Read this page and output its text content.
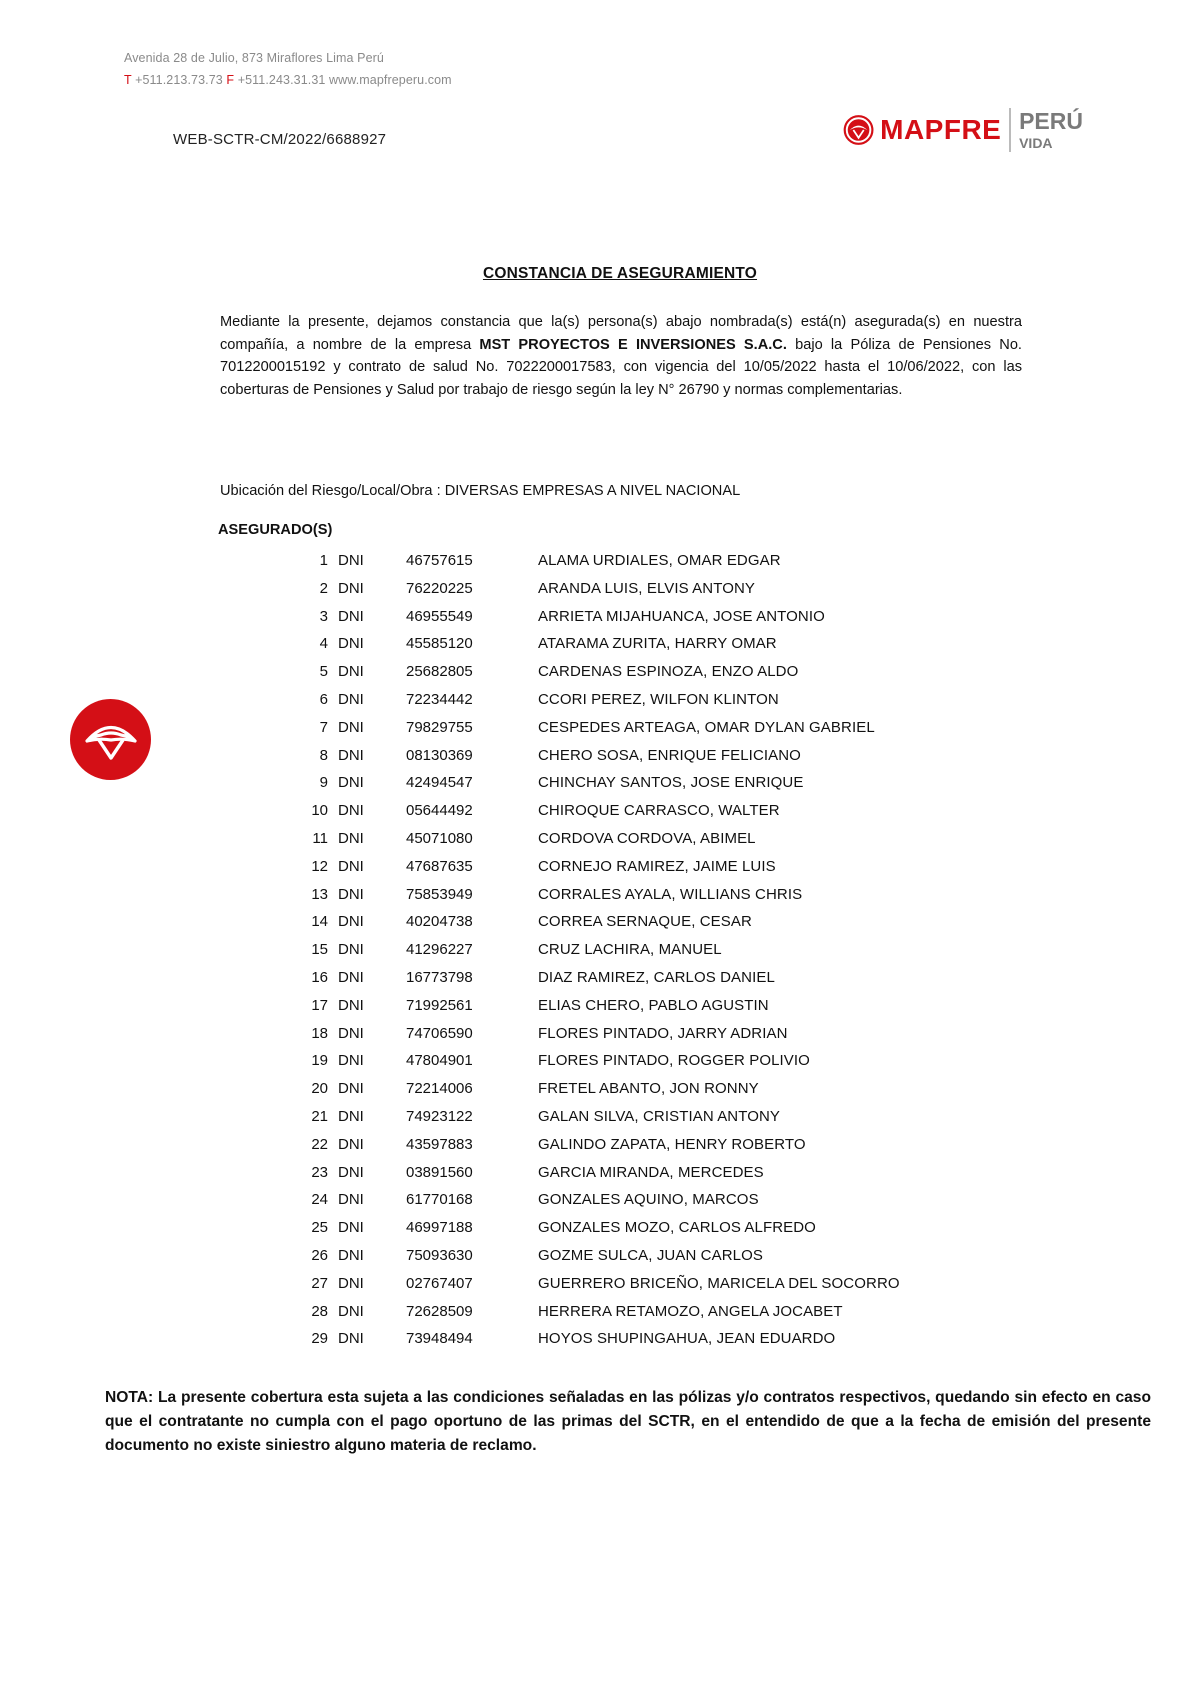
Avenida 28 de Julio, 873 Miraflores Lima Perú
T +511.213.73.73 F +511.243.31.31 www.mapfreperu.com
WEB-SCTR-CM/2022/6688927	MAPFRE PERÚ
VIDA
CONSTANCIA DE ASEGURAMIENTO
Mediante la presente, dejamos constancia que la(s) persona(s) abajo nombrada(s) está(n) asegurada(s) en nuestra compañía, a nombre de la empresa MST PROYECTOS E INVERSIONES S.A.C. bajo la Póliza de Pensiones No. 7012200015192 y contrato de salud No. 7022200017583, con vigencia del 10/05/2022 hasta el 10/06/2022, con las coberturas de Pensiones y Salud por trabajo de riesgo según la ley N° 26790 y normas complementarias.
Ubicación del Riesgo/Local/Obra : DIVERSAS EMPRESAS A NIVEL NACIONAL
ASEGURADO(S)
1 DNI	46757615	ALAMA URDIALES, OMAR EDGAR
2 DNI	76220225	ARANDA LUIS, ELVIS ANTONY
3 DNI	46955549	ARRIETA MIJAHUANCA, JOSE ANTONIO
4 DNI	45585120	ATARAMA ZURITA, HARRY OMAR
5 DNI	25682805	CARDENAS ESPINOZA, ENZO ALDO
6 DNI	72234442	CCORI PEREZ, WILFON KLINTON
7 DNI	79829755	CESPEDES ARTEAGA, OMAR DYLAN GABRIEL
8 DNI	08130369	CHERO SOSA, ENRIQUE FELICIANO
9 DNI	42494547	CHINCHAY SANTOS, JOSE ENRIQUE
10 DNI	05644492	CHIROQUE CARRASCO, WALTER
11 DNI	45071080	CORDOVA CORDOVA, ABIMEL
12 DNI	47687635	CORNEJO RAMIREZ, JAIME LUIS
13 DNI	75853949	CORRALES AYALA, WILLIANS CHRIS
14 DNI	40204738	CORREA SERNAQUE, CESAR
15 DNI	41296227	CRUZ LACHIRA, MANUEL
16 DNI	16773798	DIAZ RAMIREZ, CARLOS DANIEL
17 DNI	71992561	ELIAS CHERO, PABLO AGUSTIN
18 DNI	74706590	FLORES PINTADO, JARRY ADRIAN
19 DNI	47804901	FLORES PINTADO, ROGGER POLIVIO
20 DNI	72214006	FRETEL ABANTO, JON RONNY
21 DNI	74923122	GALAN SILVA, CRISTIAN ANTONY
22 DNI	43597883	GALINDO ZAPATA, HENRY ROBERTO
23 DNI	03891560	GARCIA MIRANDA, MERCEDES
24 DNI	61770168	GONZALES AQUINO, MARCOS
25 DNI	46997188	GONZALES MOZO, CARLOS ALFREDO
26 DNI	75093630	GOZME SULCA, JUAN CARLOS
27 DNI	02767407	GUERRERO BRICEÑO, MARICELA DEL SOCORRO
28 DNI	72628509	HERRERA RETAMOZO, ANGELA JOCABET
29 DNI	73948494	HOYOS SHUPINGAHUA, JEAN EDUARDO
NOTA: La presente cobertura esta sujeta a las condiciones señaladas en las pólizas y/o contratos respectivos, quedando sin efecto en caso que el contratante no cumpla con el pago oportuno de las primas del SCTR, en el entendido de que a la fecha de emisión del presente documento no existe siniestro alguno materia de reclamo.
